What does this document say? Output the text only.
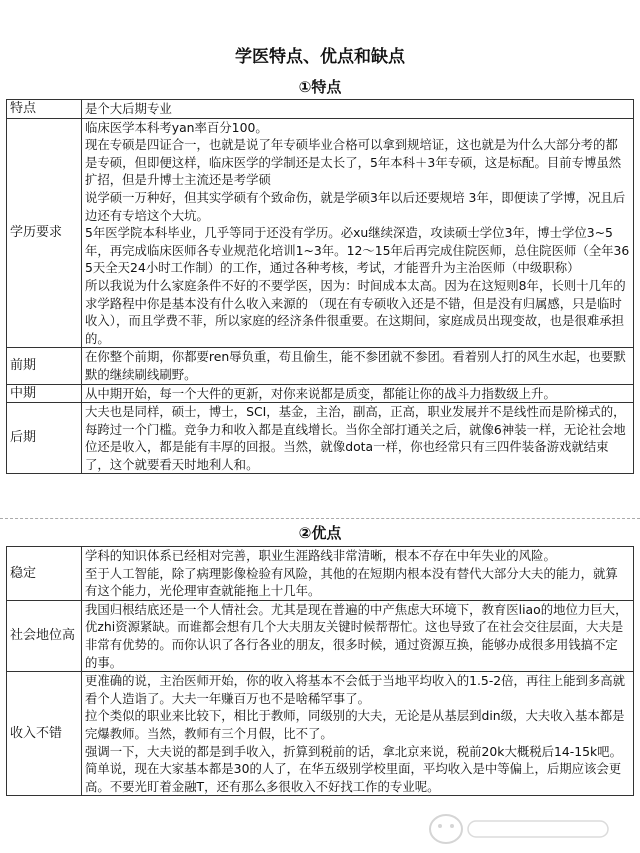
学医特点、优点和缺点
①特点
特点	是个大后期专业

学历要求	临床医学本科考yan率百分100。

现在专硕是四证合一，也就是说了年专硕毕业合格可以拿到规培证，这也就是为什么大部分考的都是专硕，但即便这样，临床医学的学制还是太长了，5年本科＋3年专硕，这是标配。目前专博虽然扩招，但是升博士主流还是考学硕

说学硕一万种好，但其实学硕有个致命伤，就是学硕3年以后还要规培 3年，即便读了学博，况且后边还有专培这个大坑。

5年医学院本科毕业，几乎等同于还没有学历。必xu继续深造，攻读硕士学位3年，博士学位3~5年，再完成临床医师各专业规范化培训1~3年。12～15年后再完成住院医师，总住院医师（全年365天全天24小时工作制）的工作，通过各种考核，考试，才能晋升为主治医师（中级职称）

所以我说为什么家庭条件不好的不要学医，因为：时间成本太高。因为在这短则8年，长则十几年的求学路程中你是基本没有什么收入来源的 （现在有专硕收入还是不错，但是没有归属感，只是临时收入），而且学费不菲，所以家庭的经济条件很重要。在这期间，家庭成员出现变故，也是很难承担的。

前期	在你整个前期，你都要ren辱负重，苟且偷生，能不参团就不参团。看着别人打的风生水起，也要默默的继续刷线刷野。

中期	从中期开始，每一个大件的更新，对你来说都是质变，都能让你的战斗力指数级上升。

后期	大夫也是同样，硕士，博士，SCI，基金，主治，副高，正高，职业发展并不是线性而是阶梯式的，每跨过一个门槛。竞争力和收入都是直线增长。当你全部打通关之后，就像6神装一样，无论社会地位还是收入，都是能有丰厚的回报。当然，就像dota一样，你也经常只有三四件装备游戏就结束了，这个就要看天时地利人和。

②优点
稳定	学科的知识体系已经相对完善，职业生涯路线非常清晰，根本不存在中年失业的风险。

至于人工智能，除了病理影像检验有风险，其他的在短期内根本没有替代大部分大夫的能力，就算有这个能力，光伦理审查就能拖上十几年。

社会地位高	我国归根结底还是一个人情社会。尤其是现在普遍的中产焦虑大环境下，教育医liao的地位力巨大，优zhi资源紧缺。而谁都会想有几个大夫朋友关键时候帮帮忙。这也导致了在社会交往层面，大夫是非常有优势的。而你认识了各行各业的朋友，很多时候，通过资源互换，能够办成很多用钱搞不定的事。

收入不错	更准确的说，主治医师开始，你的收入将基本不会低于当地平均收入的1.5-2倍，再往上能到多高就看个人造诣了。大夫一年赚百万也不是啥稀罕事了。

拉个类似的职业来比较下，相比于教师，同级别的大夫，无论是从基层到din级，大夫收入基本都是完爆教师。当然，教师有三个月假，比不了。

强调一下，大夫说的都是到手收入，折算到税前的话，拿北京来说，税前20k大概税后14-15k吧。

简单说，现在大家基本都是30的人了，在华五级别学校里面，平均收入是中等偏上，后期应该会更高。不要光盯着金融T，还有那么多很收入不好找工作的专业呢。
